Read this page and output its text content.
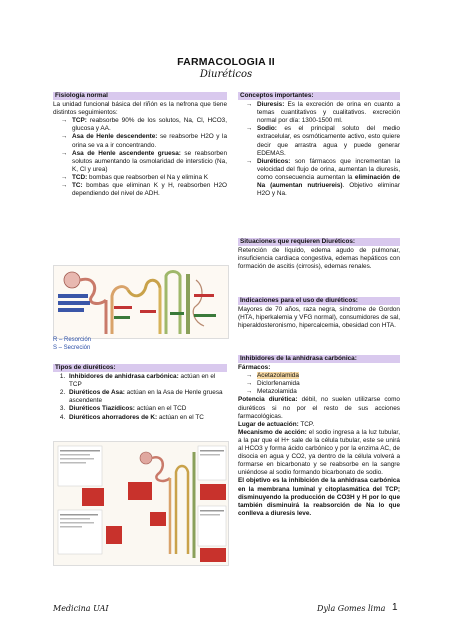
FARMACOLOGIA II
Diuréticos
Fisiología normal
La unidad funcional básica del riñón es la nefrona que tiene distintos seguimientos:
→ TCP: reabsorbe 90% de los solutos, Na, Cl, HCO3, glucosa y AA.
→ Asa de Henle descendente: se reabsorbe H2O y la orina se va a ir concentrando.
→ Asa de Henle ascendente gruesa: se reabsorben solutos aumentando la osmolaridad de intersticio (Na, K, Cl y urea)
→ TCD: bombas que reabsorben el Na y elimina K
→ TC: bombas que eliminan K y H, reabsorben H2O dependiendo del nivel de ADH.
R – Resorción
S – Secreción
Tipos de diuréticos:
1. Inhibidores de anhidrasa carbónica: actúan en el TCP
2. Diuréticos de Asa: actúan en la Asa de Henle gruesa ascendente
3. Diuréticos Tiazídicos: actúan en el TCD
4. Diuréticos ahorradores de K: actúan en el TC
Conceptos importantes:
→ Diuresis: Es la excreción de orina en cuanto a temas cuantitativos y cualitativos. excreción normal por día: 1300-1500 ml.
→ Sodio: es el principal soluto del medio extracelular, es osmóticamente activo, esto quiere decir que arrastra agua y puede generar EDEMAS.
→ Diuréticos: son fármacos que incrementan la velocidad del flujo de orina, aumentan la diuresis, como consecuencia aumentan la eliminación de Na (aumentan nutriuereis). Objetivo eliminar H2O y Na.
Situaciones que requieren Diuréticos:
Retención de líquido, edema agudo de pulmonar, insuficiencia cardiaca congestiva, edemas hepáticos con formación de ascitis (cirrosis), edemas renales.
Indicaciones para el uso de diuréticos:
Mayores de 70 años, raza negra, síndrome de Gordon (HTA, hiperkalemia y VFG normal), consumidores de sal, hiperaldosteronismo, hipercalcemia, obesidad con HTA.
Inhibidores de la anhidrasa carbónica:
Fármacos:
→ Acetazolamida
→ Diclorfenamida
→ Metazolamida
Potencia diurética: débil, no suelen utilizarse como diuréticos si no por el resto de sus acciones farmacológicas.
Lugar de actuación: TCP.
Mecanismo de acción: el sodio ingresa a la luz tubular, a la par que el H+ sale de la célula tubular, este se unirá al HCO3 y forma ácido carbónico y por la enzima AC, de disocia en agua y CO2, ya dentro de la célula volverá a formarse en bicarbonato y se reabsorbe en la sangre uniéndose al sodio formando bicarbonato de sodio.
El objetivo es la inhibición de la anhidrasa carbónica en la membrana luminal y citoplasmática del TCP; disminuyendo la producción de CO3H y H por lo que también disminuirá la reabsorción de Na lo que conlleva a diuresis leve.
Medicina UAI	Dyla Gomes lima 1
